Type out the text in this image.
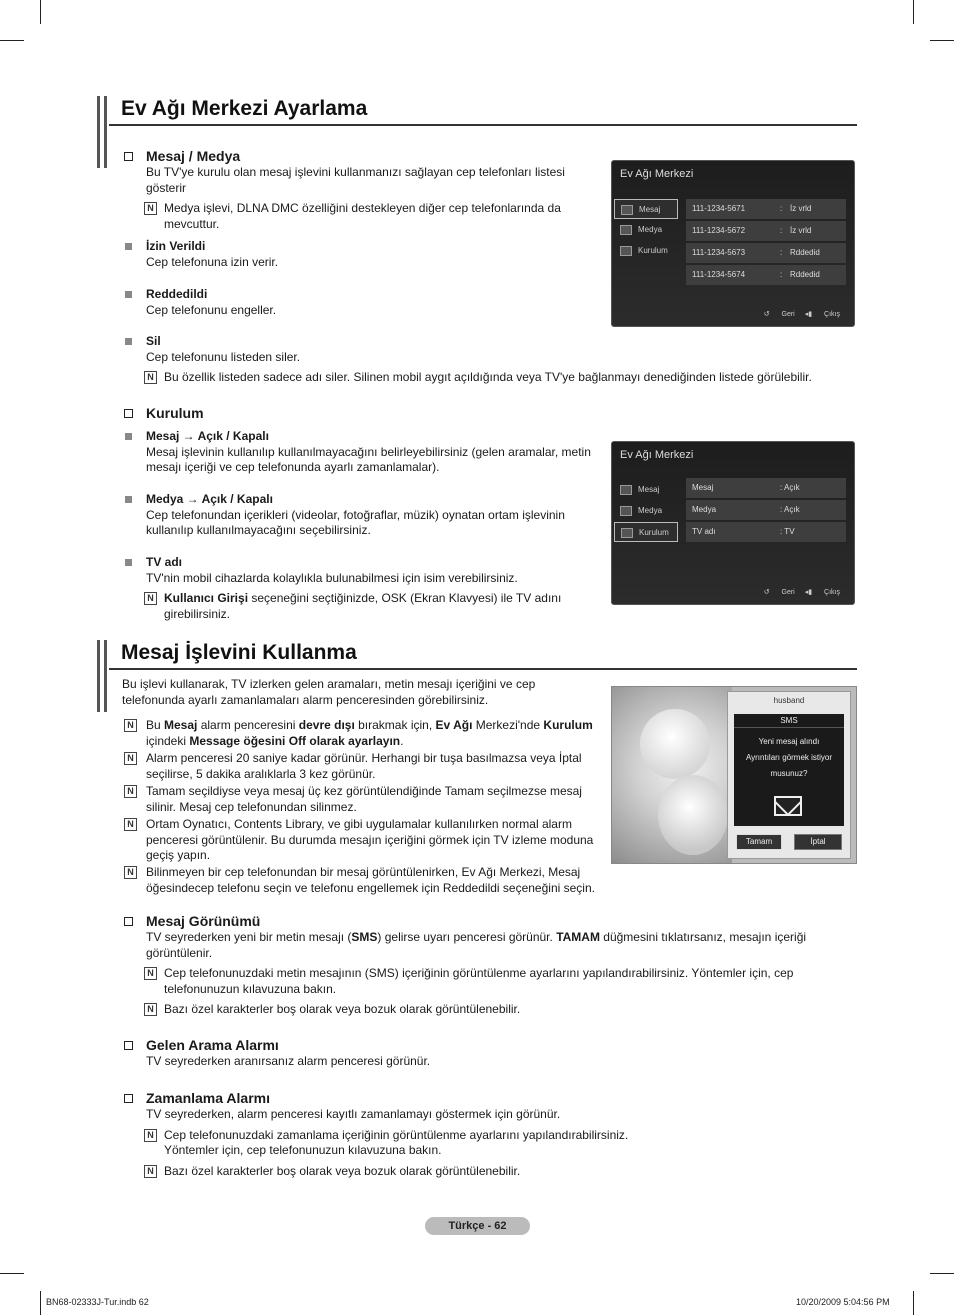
Ev Ağı Merkezi Ayarlama
Mesaj / Medya
Bu TV'ye kurulu olan mesaj işlevini kullanmanızı sağlayan cep telefonları listesi gösterir
N Medya işlevi, DLNA DMC özelliğini destekleyen diğer cep telefonlarında da mevcuttur.
İzin Verildi
Cep telefonuna izin verir.
Reddedildi
Cep telefonunu engeller.
Sil
Cep telefonunu listeden siler.
N Bu özellik listeden sadece adı siler. Silinen mobil aygıt açıldığında veya TV'ye bağlanmayı denediğinden listede görülebilir.
Ev Ağı Merkezi
Mesaj
Medya
Kurulum
111-1234-5671	: İz vrld
111-1234-5672	: İz vrld
111-1234-5673	: Rddedid
111-1234-5674	: Rddedid
↺ Geri ◂▮ Çıkış
Kurulum
Mesaj → Açık / Kapalı
Mesaj işlevinin kullanılıp kullanılmayacağını belirleyebilirsiniz (gelen aramalar, metin mesajı içeriği ve cep telefonunda ayarlı zamanlamalar).
Medya → Açık / Kapalı
Cep telefonundan içerikleri (videolar, fotoğraflar, müzik) oynatan ortam işlevinin kullanılıp kullanılmayacağını seçebilirsiniz.
TV adı
TV'nin mobil cihazlarda kolaylıkla bulunabilmesi için isim verebilirsiniz.
N Kullanıcı Girişi seçeneğini seçtiğinizde, OSK (Ekran Klavyesi) ile TV adını girebilirsiniz.
Ev Ağı Merkezi
Mesaj
Medya
Kurulum
Mesaj	: Açık
Medya	: Açık
TV adı	: TV
↺ Geri ◂▮ Çıkış
Mesaj İşlevini Kullanma
Bu işlevi kullanarak, TV izlerken gelen aramaları, metin mesajı içeriğini ve cep telefonunda ayarlı zamanlamaları alarm penceresinden görebilirsiniz.
N Bu Mesaj alarm penceresini devre dışı bırakmak için, Ev Ağı Merkezi'nde Kurulum içindeki Message öğesini Off olarak ayarlayın.
N Alarm penceresi 20 saniye kadar görünür. Herhangi bir tuşa basılmazsa veya İptal seçilirse, 5 dakika aralıklarla 3 kez görünür.
N Tamam seçildiyse veya mesaj üç kez görüntülendiğinde Tamam seçilmezse mesaj silinir. Mesaj cep telefonundan silinmez.
N Ortam Oynatıcı, Contents Library, ve gibi uygulamalar kullanılırken normal alarm penceresi görüntülenir. Bu durumda mesajın içeriğini görmek için TV izleme moduna geçiş yapın.
N Bilinmeyen bir cep telefonundan bir mesaj görüntülenirken, Ev Ağı Merkezi, Mesaj öğesindecep telefonu seçin ve telefonu engellemek için Reddedildi seçeneğini seçin.
husband
SMS
Yeni mesaj alındı
Ayrıntıları görmek istiyor
musunuz?
Tamam	İptal
Mesaj Görünümü
TV seyrederken yeni bir metin mesajı (SMS) gelirse uyarı penceresi görünür. TAMAM düğmesini tıklatırsanız, mesajın içeriği görüntülenir.
N Cep telefonunuzdaki metin mesajının (SMS) içeriğinin görüntülenme ayarlarını yapılandırabilirsiniz. Yöntemler için, cep telefonunuzun kılavuzuna bakın.
N Bazı özel karakterler boş olarak veya bozuk olarak görüntülenebilir.
Gelen Arama Alarmı
TV seyrederken aranırsanız alarm penceresi görünür.
Zamanlama Alarmı
TV seyrederken, alarm penceresi kayıtlı zamanlamayı göstermek için görünür.
N Cep telefonunuzdaki zamanlama içeriğinin görüntülenme ayarlarını yapılandırabilirsiniz. Yöntemler için, cep telefonunuzun kılavuzuna bakın.
N Bazı özel karakterler boş olarak veya bozuk olarak görüntülenebilir.
Türkçe - 62
BN68-02333J-Tur.indb 62	10/20/2009 5:04:56 PM
